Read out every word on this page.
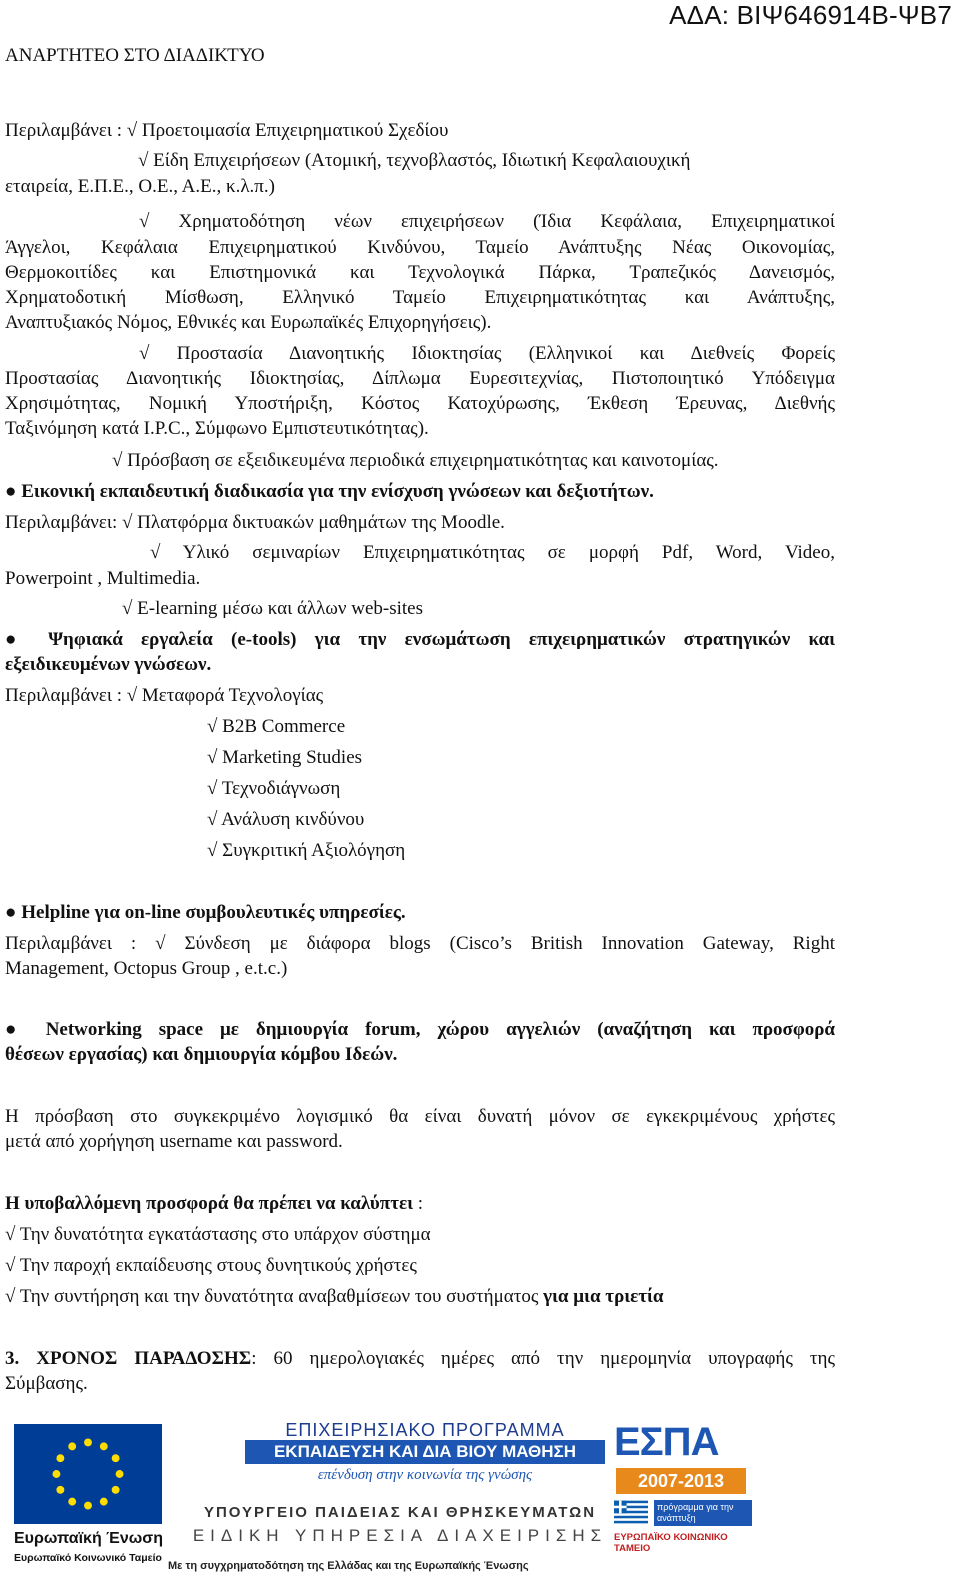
ΑΔΑ: ΒΙΨ646914Β-ΨΒ7
ΑΝΑΡΤΗΤΕΟ ΣΤΟ ΔΙΑΔΙΚΤΥΟ
Περιλαμβάνει : √ Προετοιμασία Επιχειρηματικού Σχεδίου
√ Είδη Επιχειρήσεων (Ατομική, τεχνοβλαστός, Ιδιωτική Κεφαλαιουχική
εταιρεία, Ε.Π.Ε., Ο.Ε., Α.Ε., κ.λ.π.)
√ Χρηματοδότηση νέων επιχειρήσεων (Ίδια Κεφάλαια, Επιχειρηματικοί
Άγγελοι, Κεφάλαια Επιχειρηματικού Κινδύνου, Ταμείο Ανάπτυξης Νέας Οικονομίας,
Θερμοκοιτίδες και Επιστημονικά και Τεχνολογικά Πάρκα, Τραπεζικός Δανεισμός,
Χρηματοδοτική Μίσθωση, Ελληνικό Ταμείο Επιχειρηματικότητας και Ανάπτυξης,
Αναπτυξιακός Νόμος, Εθνικές και Ευρωπαϊκές Επιχορηγήσεις).
√ Προστασία Διανοητικής Ιδιοκτησίας (Ελληνικοί και Διεθνείς Φορείς
Προστασίας Διανοητικής Ιδιοκτησίας, Δίπλωμα Ευρεσιτεχνίας, Πιστοποιητικό Υπόδειγμα
Χρησιμότητας, Νομική Υποστήριξη, Κόστος Κατοχύρωσης, Έκθεση Έρευνας, Διεθνής
Ταξινόμηση κατά I.P.C., Σύμφωνο Εμπιστευτικότητας).
√ Πρόσβαση σε εξειδικευμένα περιοδικά επιχειρηματικότητας και καινοτομίας.
● Εικονική εκπαιδευτική διαδικασία για την ενίσχυση γνώσεων και δεξιοτήτων.
Περιλαμβάνει: √ Πλατφόρμα δικτυακών μαθημάτων της Moodle.
√ Υλικό σεμιναρίων Επιχειρηματικότητας σε μορφή Pdf, Word, Video,
Powerpoint , Multimedia.
√ E-learning μέσω και άλλων web-sites
● Ψηφιακά εργαλεία (e-tools) για την ενσωμάτωση επιχειρηματικών στρατηγικών και
εξειδικευμένων γνώσεων.
Περιλαμβάνει : √ Μεταφορά Τεχνολογίας
√ B2B Commerce
√ Marketing Studies
√ Τεχνοδιάγνωση
√ Ανάλυση κινδύνου
√ Συγκριτική Αξιολόγηση
● Helpline για on-line συμβουλευτικές υπηρεσίες.
Περιλαμβάνει : √ Σύνδεση με διάφορα blogs (Cisco’s British Innovation Gateway, Right
Management, Octopus Group , e.t.c.)
● Networking space με δημιουργία forum, χώρου αγγελιών (αναζήτηση και προσφορά
θέσεων εργασίας) και δημιουργία κόμβου Ιδεών.
Η πρόσβαση στο συγκεκριμένο λογισμικό θα είναι δυνατή μόνον σε εγκεκριμένους χρήστες
μετά από χορήγηση username και password.
Η υποβαλλόμενη προσφορά θα πρέπει να καλύπτει :
√ Την δυνατότητα εγκατάστασης στο υπάρχον σύστημα
√ Την παροχή εκπαίδευσης στους δυνητικούς χρήστες
√ Την συντήρηση και την δυνατότητα αναβαθμίσεων του συστήματος για μια τριετία
3. ΧΡΟΝΟΣ ΠΑΡΑΔΟΣΗΣ: 60 ημερολογιακές ημέρες από την ημερομηνία υπογραφής της
Σύμβασης.
Ευρωπαϊκή Ένωση
Ευρωπαϊκό Κοινωνικό Ταμείο
ΕΠΙΧΕΙΡΗΣΙΑΚΟ ΠΡΟΓΡΑΜΜΑ
ΕΚΠΑΙΔΕΥΣΗ ΚΑΙ ΔΙΑ ΒΙΟΥ ΜΑΘΗΣΗ
επένδυση στην κοινωνία της γνώσης
ΥΠΟΥΡΓΕΙΟ ΠΑΙΔΕΙΑΣ ΚΑΙ ΘΡΗΣΚΕΥΜΑΤΩΝ
ΕΙΔΙΚΗ ΥΠΗΡΕΣΙΑ ΔΙΑΧΕΙΡΙΣΗΣ
Με τη συγχρηματοδότηση της Ελλάδας και της Ευρωπαϊκής Ένωσης
ΕΣΠΑ
2007-2013
πρόγραμμα για την ανάπτυξη
ΕΥΡΩΠΑΪΚΟ ΚΟΙΝΩΝΙΚΟ ΤΑΜΕΙΟ
